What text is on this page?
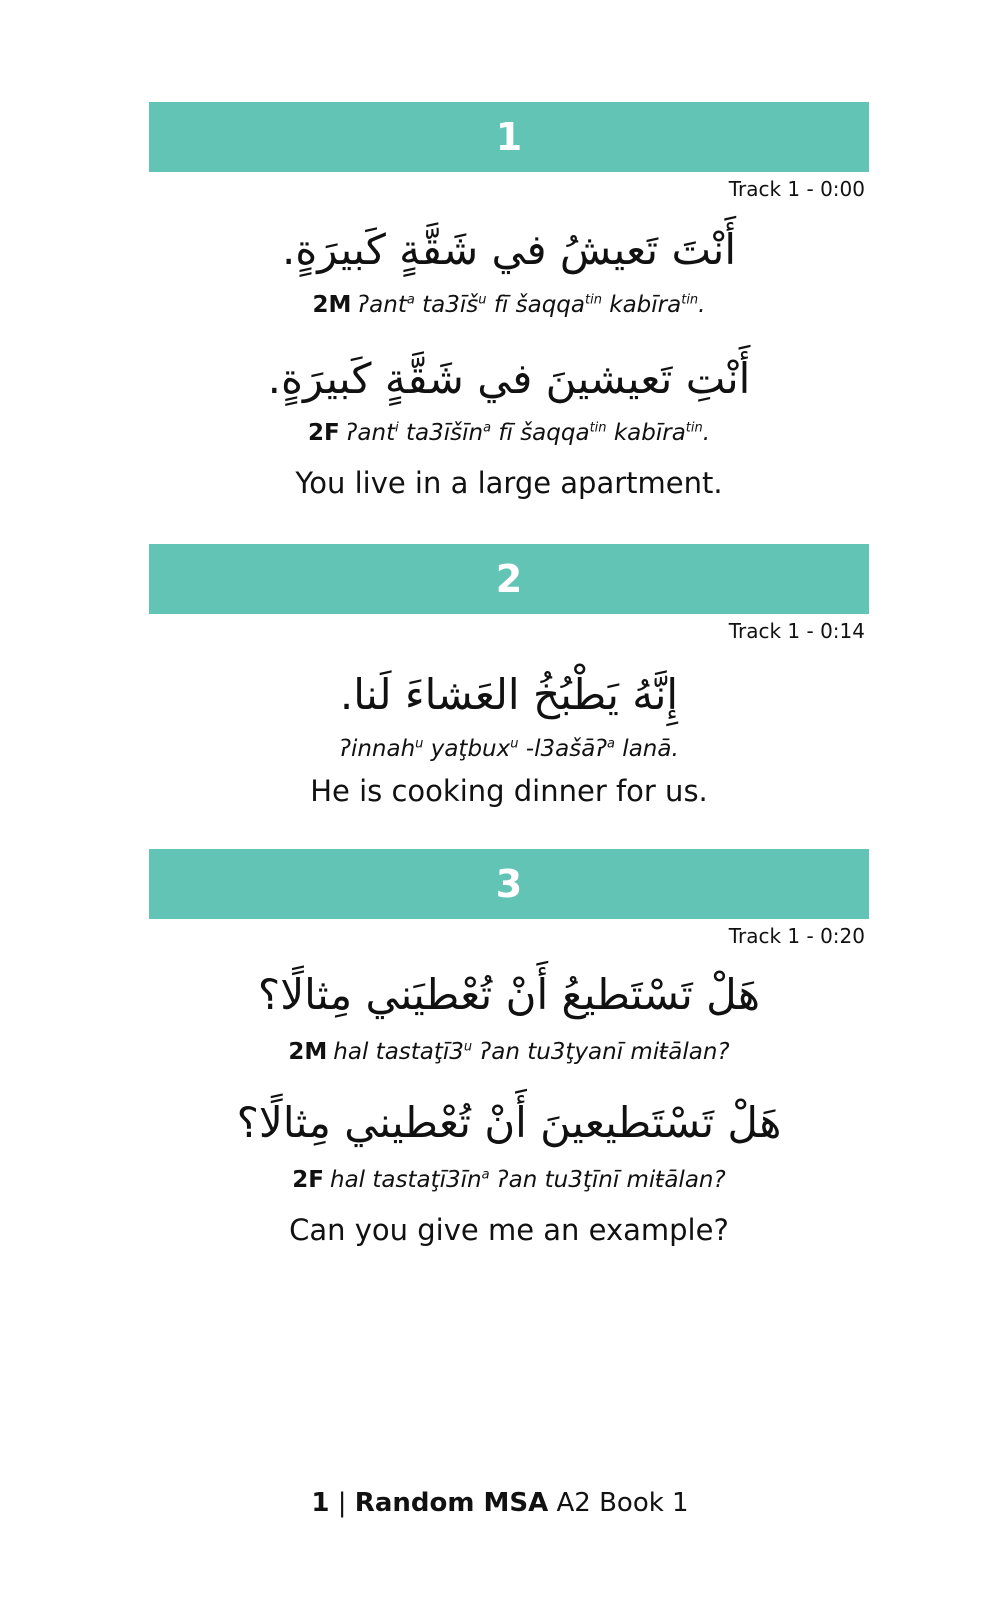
1
Track 1 - 0:00
أَنْتَ تَعيشُ في شَقَّةٍ كَبيرَةٍ.
2M ʔant$^a$ $ta3īš^u$ fī šaqqa$^{tin}$ kabīra$^{tin}$.
أَنْتِ تَعيشينَ في شَقَّةٍ كَبيرَةٍ.
2F ʔant$^i$ ta3īšīn$^a$ fī šaqqa$^{tin}$ kabīra$^{tin}$.
You live in a large apartment.
2
Track 1 - 0:14
إِنَّهُ يَطْبُخُ العَشاءَ لَنا.
ʔinnah$^u$ yaţbux$^u$ -l3ašāʔ$^a$ lanā.
He is cooking dinner for us.
3
Track 1 - 0:20
هَلْ تَسْتَطيعُ أَنْ تُعْطيَني مِثالًا؟
2M hal tastaţī3$^u$ ʔan tu3ţyanī miŧālan?
هَلْ تَسْتَطيعينَ أَنْ تُعْطيني مِثالًا؟
2F hal $tastaţī3īn^a$ ʔan tu3ţīnī miŧālan?
Can you give me an example?
1 | Random MSA A2 Book 1
